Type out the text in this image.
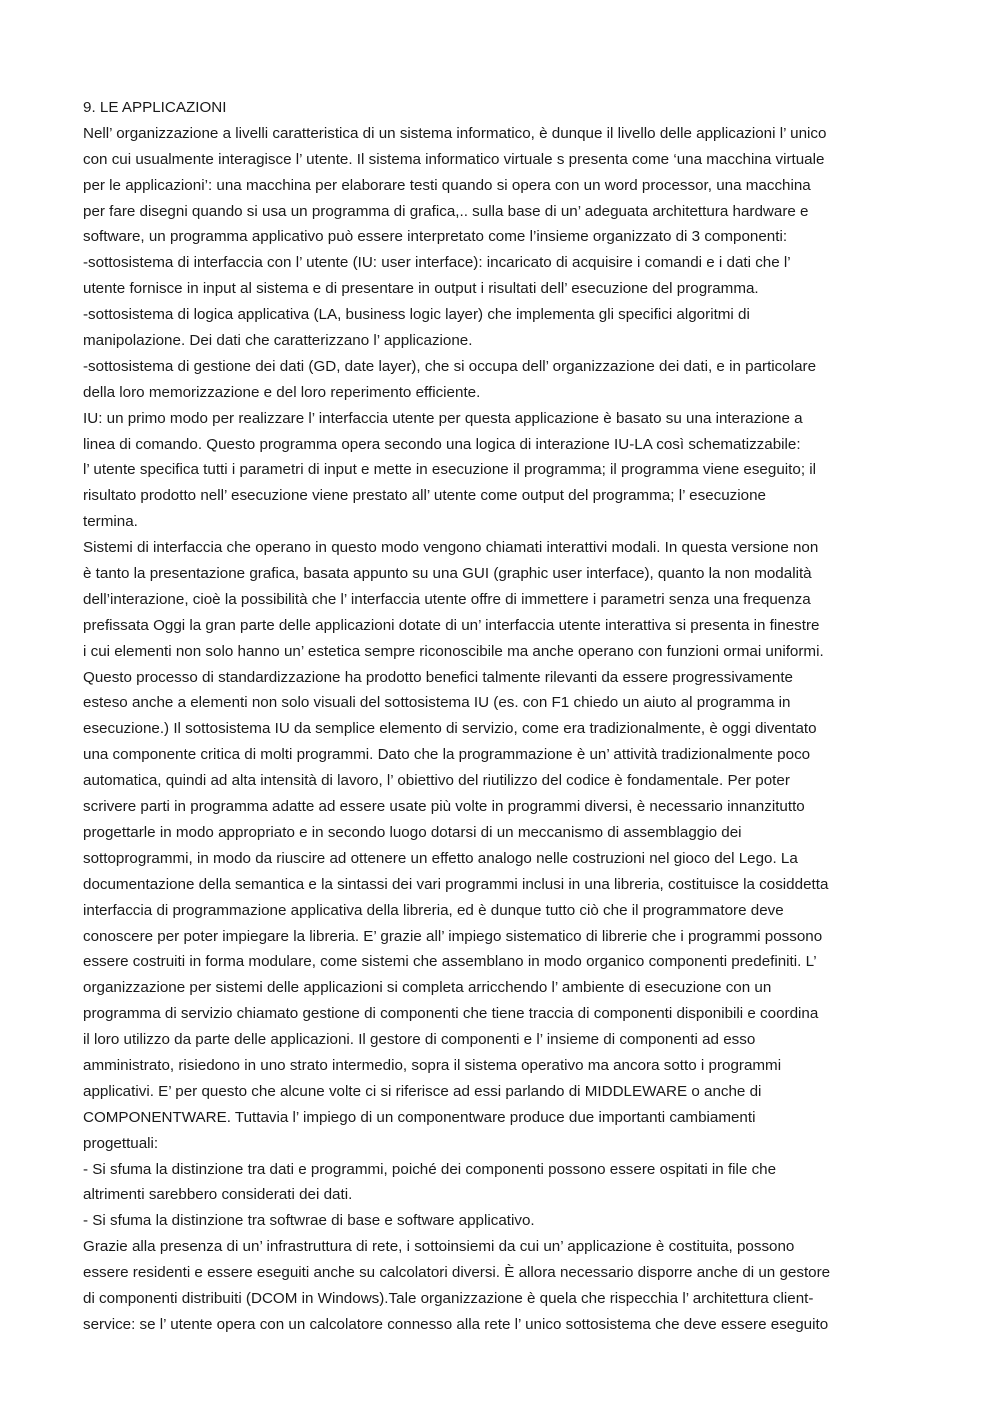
9. LE APPLICAZIONI
Nell’ organizzazione a livelli caratteristica di un sistema informatico, è dunque il livello delle applicazioni l’ unico
con cui usualmente interagisce l’ utente. Il sistema informatico virtuale s presenta come ‘una macchina virtuale
per le applicazioni’: una macchina per elaborare testi quando si opera con un word processor, una macchina
per fare disegni quando si usa un programma di grafica,.. sulla base di un’ adeguata architettura hardware e
software, un programma applicativo può essere interpretato come l’insieme organizzato di 3 componenti:
-sottosistema di interfaccia con l’ utente (IU: user interface): incaricato di acquisire i comandi e i dati che l’
utente fornisce in input al sistema e di presentare in output i risultati dell’ esecuzione del programma.
-sottosistema di logica applicativa (LA, business logic layer) che implementa gli specifici algoritmi di
manipolazione. Dei dati che caratterizzano l’ applicazione.
-sottosistema di gestione dei dati (GD, date layer), che si occupa dell’ organizzazione dei dati, e in particolare
della loro memorizzazione e del loro reperimento efficiente.
IU: un primo modo per realizzare l’ interfaccia utente per questa applicazione è basato su una interazione a
linea di comando. Questo programma opera secondo una logica di interazione IU-LA così schematizzabile:
l’ utente specifica tutti i parametri di input e mette in esecuzione il programma; il programma viene eseguito; il
risultato prodotto nell’ esecuzione viene prestato all’ utente come output del programma; l’ esecuzione
termina.
Sistemi di interfaccia che operano in questo modo vengono chiamati interattivi modali. In questa versione non
è tanto la presentazione grafica, basata appunto su una GUI (graphic user interface), quanto la non modalità
dell’interazione, cioè la possibilità che l’ interfaccia utente offre di immettere i parametri senza una frequenza
prefissata Oggi la gran parte delle applicazioni dotate di un’ interfaccia utente interattiva si presenta in finestre
i cui elementi non solo hanno un’ estetica sempre riconoscibile ma anche operano con funzioni ormai uniformi.
Questo processo di standardizzazione ha prodotto benefici talmente rilevanti da essere progressivamente
esteso anche a elementi non solo visuali del sottosistema IU (es. con F1 chiedo un aiuto al programma in
esecuzione.) Il sottosistema IU da semplice elemento di servizio, come era tradizionalmente, è oggi diventato
una componente critica di molti programmi. Dato che la programmazione è un’ attività tradizionalmente poco
automatica, quindi ad alta intensità di lavoro, l’ obiettivo del riutilizzo del codice è fondamentale. Per poter
scrivere parti in programma adatte ad essere usate più volte in programmi diversi, è necessario innanzitutto
progettarle in modo appropriato e in secondo luogo dotarsi di un meccanismo di assemblaggio dei
sottoprogrammi, in modo da riuscire ad ottenere un effetto analogo nelle costruzioni nel gioco del Lego. La
documentazione della semantica e la sintassi dei vari programmi inclusi in una libreria, costituisce la cosiddetta
interfaccia di programmazione applicativa della libreria, ed è dunque tutto ciò che il programmatore deve
conoscere per poter impiegare la libreria. E’ grazie all’ impiego sistematico di librerie che i programmi possono
essere costruiti in forma modulare, come sistemi che assemblano in modo organico componenti predefiniti. L’
organizzazione per sistemi delle applicazioni si completa arricchendo l’ ambiente di esecuzione con un
programma di servizio chiamato gestione di componenti che tiene traccia di componenti disponibili e coordina
il loro utilizzo da parte delle applicazioni. Il gestore di componenti e l’ insieme di componenti ad esso
amministrato, risiedono in uno strato intermedio, sopra il sistema operativo ma ancora sotto i programmi
applicativi. E’ per questo che alcune volte ci si riferisce ad essi parlando di MIDDLEWARE o anche di
COMPONENTWARE. Tuttavia l’ impiego di un componentware produce due importanti cambiamenti
progettuali:
- Si sfuma la distinzione tra dati e programmi, poiché dei componenti possono essere ospitati in file che
altrimenti sarebbero considerati dei dati.
- Si sfuma la distinzione tra softwrae di base e software applicativo.
Grazie alla presenza di un’ infrastruttura di rete, i sottoinsiemi da cui un’ applicazione è costituita, possono
essere residenti e essere eseguiti anche su calcolatori diversi. È allora necessario disporre anche di un gestore
di componenti distribuiti (DCOM in Windows).Tale organizzazione è quela che rispecchia l’ architettura client-
service: se l’ utente opera con un calcolatore connesso alla rete l’ unico sottosistema che deve essere eseguito
